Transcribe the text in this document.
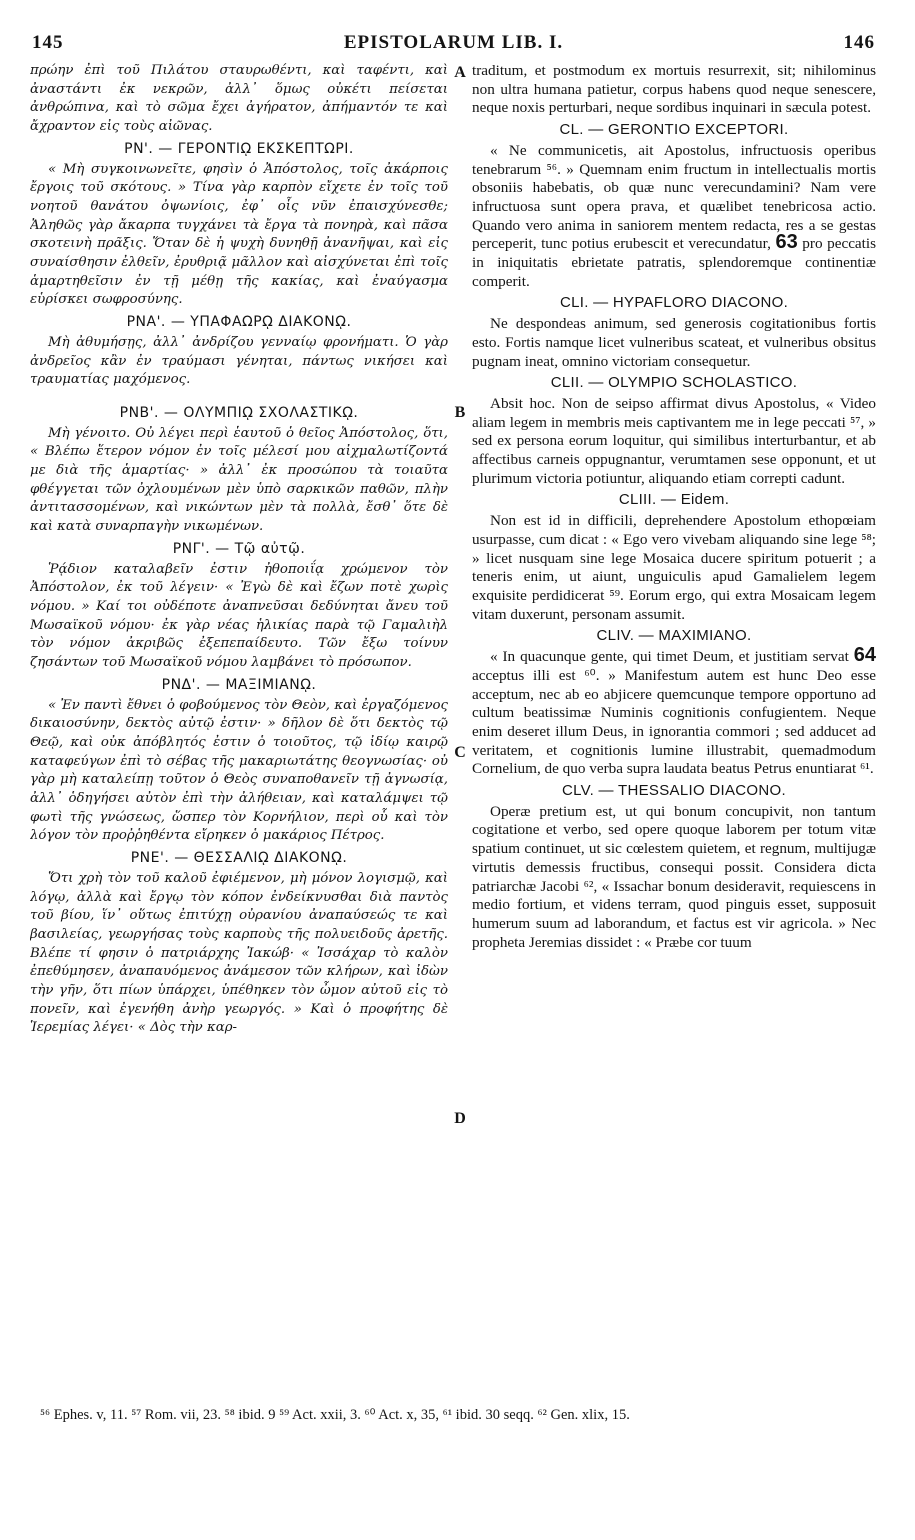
145	EPISTOLARUM LIB. I.	146

πρώην ἐπὶ τοῦ Πιλάτου σταυρωθέντι, καὶ ταφέντι, καὶ ἀναστάντι ἐκ νεκρῶν, ἀλλ᾽ ὅμως οὐκέτι πείσεται ἀνθρώπινα, καὶ τὸ σῶμα ἔχει ἀγήρατον, ἀπήμαντόν τε καὶ ἄχραντον εἰς τοὺς αἰῶνας.

ΡΝ'. — ΓΕΡΟΝΤΙῼ ΕΚΣΚΕΠΤΩΡΙ.

« Μὴ συγκοινωνεῖτε, φησὶν ὁ Ἀπόστολος, τοῖς ἀκάρποις ἔργοις τοῦ σκότους. » Τίνα γὰρ καρπὸν εἴχετε ἐν τοῖς τοῦ νοητοῦ θανάτου ὀψωνίοις, ἐφ᾽ οἷς νῦν ἐπαισχύνεσθε; Ἀληθῶς γὰρ ἄκαρπα τυγχάνει τὰ ἔργα τὰ πονηρὰ, καὶ πᾶσα σκοτεινὴ πρᾶξις. Ὅταν δὲ ἡ ψυχὴ δυνηθῇ ἀνανῆψαι, καὶ εἰς συναίσθησιν ἐλθεῖν, ἐρυθριᾷ μᾶλλον καὶ αἰσχύνεται ἐπὶ τοῖς ἁμαρτηθεῖσιν ἐν τῇ μέθῃ τῆς κακίας, καὶ ἐναύγασμα εὑρίσκει σωφροσύνης.

ΡΝΑ'. — ΥΠΑΦΑΩΡῼ ΔΙΑΚΟΝῼ.

Μὴ ἀθυμήσῃς, ἀλλ᾽ ἀνδρίζου γενναίῳ φρονήματι. Ὁ γὰρ ἀνδρεῖος κἂν ἐν τραύμασι γένηται, πάντως νικήσει καὶ τραυματίας μαχόμενος.

ΡΝΒ'. — ΟΛΥΜΠΙῼ ΣΧΟΛΑΣΤΙΚῼ.

Μὴ γένοιτο. Οὐ λέγει περὶ ἑαυτοῦ ὁ θεῖος Ἀπόστολος, ὅτι, « Βλέπω ἕτερον νόμον ἐν τοῖς μέλεσί μου αἰχμαλωτίζοντά με διὰ τῆς ἁμαρτίας· » ἀλλ᾽ ἐκ προσώπου τὰ τοιαῦτα φθέγγεται τῶν ὀχλουμένων μὲν ὑπὸ σαρκικῶν παθῶν, πλὴν ἀντιτασσομένων, καὶ νικώντων μὲν τὰ πολλὰ, ἔσθ᾽ ὅτε δὲ καὶ κατὰ συναρπαγὴν νικωμένων.

ΡΝΓ'. — Τῷ αὐτῷ.

Ῥᾴδιον καταλαβεῖν ἐστιν ἠθοποιΐᾳ χρώμενον τὸν Ἀπόστολον, ἐκ τοῦ λέγειν· « Ἐγὼ δὲ καὶ ἔζων ποτὲ χωρὶς νόμου. » Καί τοι οὐδέποτε ἀναπνεῦσαι δεδύνηται ἄνευ τοῦ Μωσαϊκοῦ νόμου· ἐκ γὰρ νέας ἡλικίας παρὰ τῷ Γαμαλιὴλ τὸν νόμον ἀκριβῶς ἐξεπεπαίδευτο. Τῶν ἔξω τοίνυν ζησάντων τοῦ Μωσαϊκοῦ νόμου λαμβάνει τὸ πρόσωπον.

ΡΝΔ'. — ΜΑΞΙΜΙΑΝῼ.

« Ἐν παντὶ ἔθνει ὁ φοβούμενος τὸν Θεὸν, καὶ ἐργαζόμενος δικαιοσύνην, δεκτὸς αὐτῷ ἐστιν· » δῆλον δὲ ὅτι δεκτὸς τῷ Θεῷ, καὶ οὐκ ἀπόβλητός ἐστιν ὁ τοιοῦτος, τῷ ἰδίῳ καιρῷ καταφεύγων ἐπὶ τὸ σέβας τῆς μακαριωτάτης θεογνωσίας· οὐ γὰρ μὴ καταλείπῃ τοῦτον ὁ Θεὸς συναποθανεῖν τῇ ἀγνωσίᾳ, ἀλλ᾽ ὁδηγήσει αὐτὸν ἐπὶ τὴν ἀλήθειαν, καὶ καταλάμψει τῷ φωτὶ τῆς γνώσεως, ὥσπερ τὸν Κορνήλιον, περὶ οὗ καὶ τὸν λόγον τὸν προῤῥηθέντα εἴρηκεν ὁ μακάριος Πέτρος.

ΡΝΕ'. — ΘΕΣΣΑΛΙῼ ΔΙΑΚΟΝῼ.

Ὅτι χρὴ τὸν τοῦ καλοῦ ἐφιέμενον, μὴ μόνον λογισμῷ, καὶ λόγῳ, ἀλλὰ καὶ ἔργῳ τὸν κόπον ἐνδείκνυσθαι διὰ παντὸς τοῦ βίου, ἵν᾽ οὕτως ἐπιτύχῃ οὐρανίου ἀναπαύσεώς τε καὶ βασιλείας, γεωργήσας τοὺς καρποὺς τῆς πολυειδοῦς ἀρετῆς. Βλέπε τί φησιν ὁ πατριάρχης Ἰακώβ· « Ἰσσάχαρ τὸ καλὸν ἐπεθύμησεν, ἀναπαυόμενος ἀνάμεσον τῶν κλήρων, καὶ ἰδὼν τὴν γῆν, ὅτι πίων ὑπάρχει, ὑπέθηκεν τὸν ὦμον αὐτοῦ εἰς τὸ πονεῖν, καὶ ἐγενήθη ἀνὴρ γεωργός. » Καὶ ὁ προφήτης δὲ Ἱερεμίας λέγει· « Δὸς τὴν καρ-

A
B
C
D

traditum, et postmodum ex mortuis resurrexit, sit; nihilominus non ultra humana patietur, corpus habens quod neque senescere, neque noxis perturbari, neque sordibus inquinari in sæcula potest.

CL. — GERONTIO EXCEPTORI.

« Ne communicetis, ait Apostolus, infructuosis operibus tenebrarum ⁵⁶. » Quemnam enim fructum in intellectualis mortis obsoniis habebatis, ob quæ nunc verecundamini? Nam vere infructuosa sunt opera prava, et quælibet tenebricosa actio. Quando vero anima in saniorem mentem redacta, res a se gestas perceperit, tunc potius erubescit et verecundatur, 63 pro peccatis in iniquitatis ebrietate patratis, splendoremque continentiæ comperit.

CLI. — HYPAFLORO DIACONO.

Ne despondeas animum, sed generosis cogitationibus fortis esto. Fortis namque licet vulneribus scateat, et vulneribus obsitus pugnam ineat, omnino victoriam consequetur.

CLII. — OLYMPIO SCHOLASTICO.

Absit hoc. Non de seipso affirmat divus Apostolus, « Video aliam legem in membris meis captivantem me in lege peccati ⁵⁷, » sed ex persona eorum loquitur, qui similibus interturbantur, et ab affectibus carneis oppugnantur, verumtamen sese opponunt, et ut plurimum victoria potiuntur, aliquando etiam correpti cadunt.

CLIII. — Eidem.

Non est id in difficili, deprehendere Apostolum ethopœiam usurpasse, cum dicat : « Ego vero vivebam aliquando sine lege ⁵⁸; » licet nusquam sine lege Mosaica ducere spiritum potuerit ; a teneris enim, ut aiunt, unguiculis apud Gamalielem legem exquisite perdidicerat ⁵⁹. Eorum ergo, qui extra Mosaicam legem vitam duxerunt, personam assumit.

CLIV. — MAXIMIANO.

« In quacunque gente, qui timet Deum, et justitiam servat 64 acceptus illi est ⁶⁰. » Manifestum autem est hunc Deo esse acceptum, nec ab eo abjicere quemcunque tempore opportuno ad cultum beatissimæ Numinis cognitionis confugientem. Neque enim deseret illum Deus, in ignorantia commori ; sed adducet ad veritatem, et cognitionis lumine illustrabit, quemadmodum Cornelium, de quo verba supra laudata beatus Petrus enuntiarat ⁶¹.

CLV. — THESSALIO DIACONO.

Operæ pretium est, ut qui bonum concupivit, non tantum cogitatione et verbo, sed opere quoque laborem per totum vitæ spatium continuet, ut sic cœlestem quietem, et regnum, multijugæ virtutis demessis fructibus, consequi possit. Considera dicta patriarchæ Jacobi ⁶², « Issachar bonum desideravit, requiescens in medio fortium, et videns terram, quod pinguis esset, supposuit humerum suum ad laborandum, et factus est vir agricola. » Nec propheta Jeremias dissidet : « Præbe cor tuum

⁵⁶ Ephes. v, 11. ⁵⁷ Rom. vii, 23. ⁵⁸ ibid. 9 ⁵⁹ Act. xxii, 3. ⁶⁰ Act. x, 35, ⁶¹ ibid. 30 seqq. ⁶² Gen. xlix, 15.
